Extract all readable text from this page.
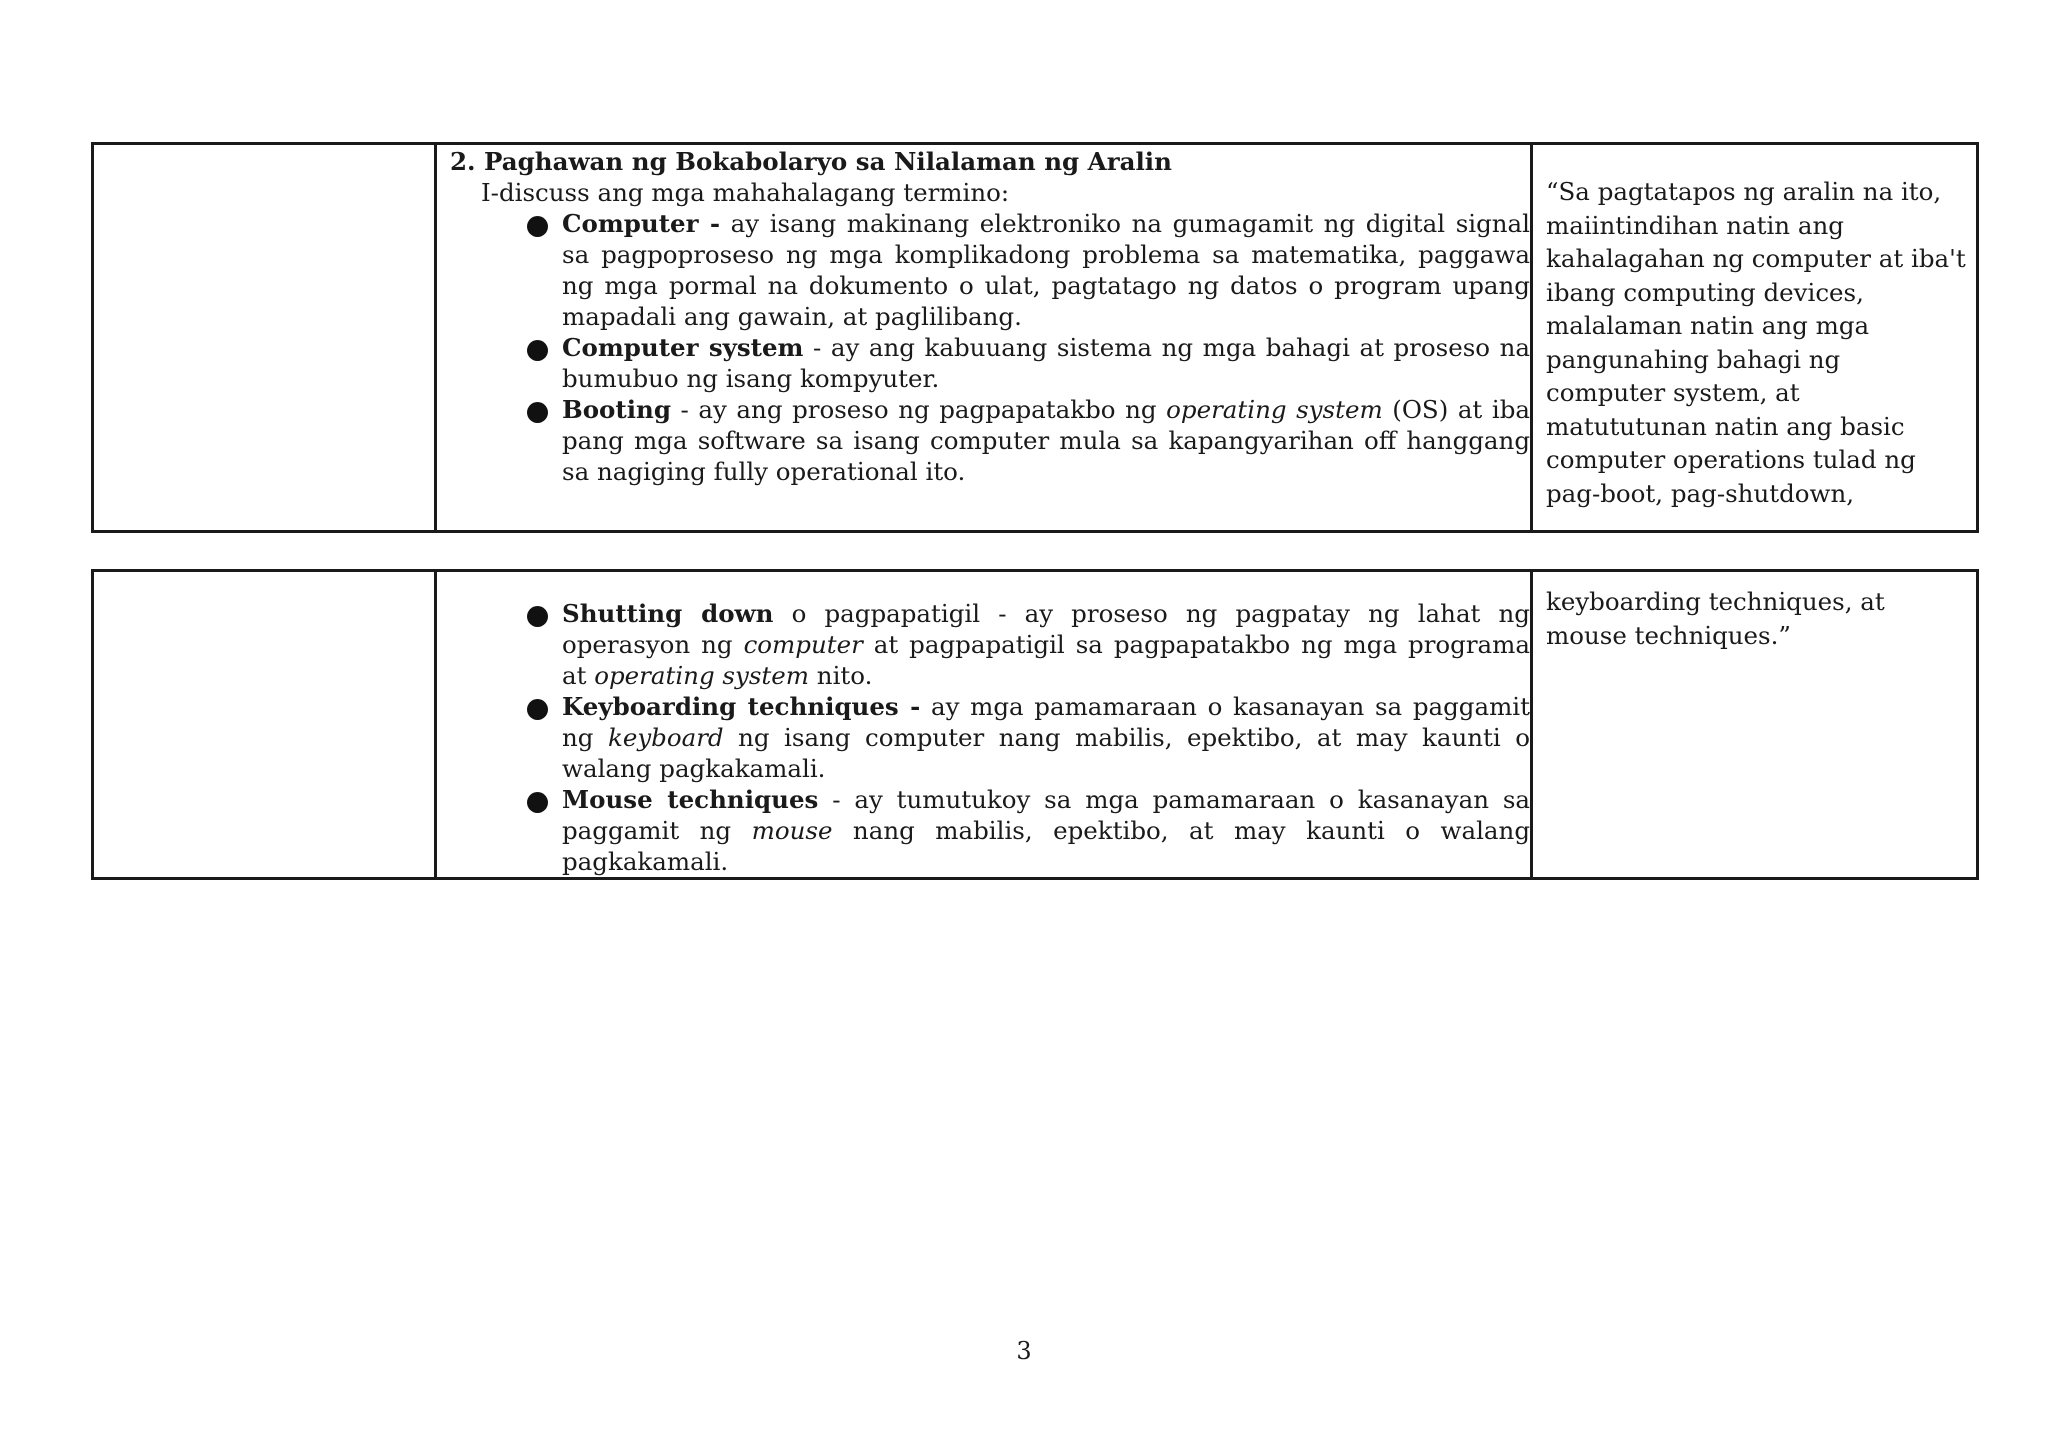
2. Paghawan ng Bokabolaryo sa Nilalaman ng Aralin
I-discuss ang mga mahahalagang termino:
Computer - ay isang makinang elektroniko na gumagamit ng digital signal sa pagpoproseso ng mga komplikadong problema sa matematika, paggawa ng mga pormal na dokumento o ulat, pagtatago ng datos o program upang mapadali ang gawain, at paglilibang.
Computer system - ay ang kabuuang sistema ng mga bahagi at proseso na bumubuo ng isang kompyuter.
Booting - ay ang proseso ng pagpapatakbo ng operating system (OS) at iba pang mga software sa isang computer mula sa kapangyarihan off hanggang sa nagiging fully operational ito.

“Sa pagtatapos ng aralin na ito, maiintindihan natin ang kahalagahan ng computer at iba't ibang computing devices, malalaman natin ang mga pangunahing bahagi ng computer system, at matututunan natin ang basic computer operations tulad ng pag-boot, pag-shutdown,

Shutting down o pagpapatigil - ay proseso ng pagpatay ng lahat ng operasyon ng computer at pagpapatigil sa pagpapatakbo ng mga programa at operating system nito.
Keyboarding techniques - ay mga pamamaraan o kasanayan sa paggamit ng keyboard ng isang computer nang mabilis, epektibo, at may kaunti o walang pagkakamali.
Mouse techniques - ay tumutukoy sa mga pamamaraan o kasanayan sa paggamit ng mouse nang mabilis, epektibo, at may kaunti o walang pagkakamali.

keyboarding techniques, at mouse techniques.”
3
